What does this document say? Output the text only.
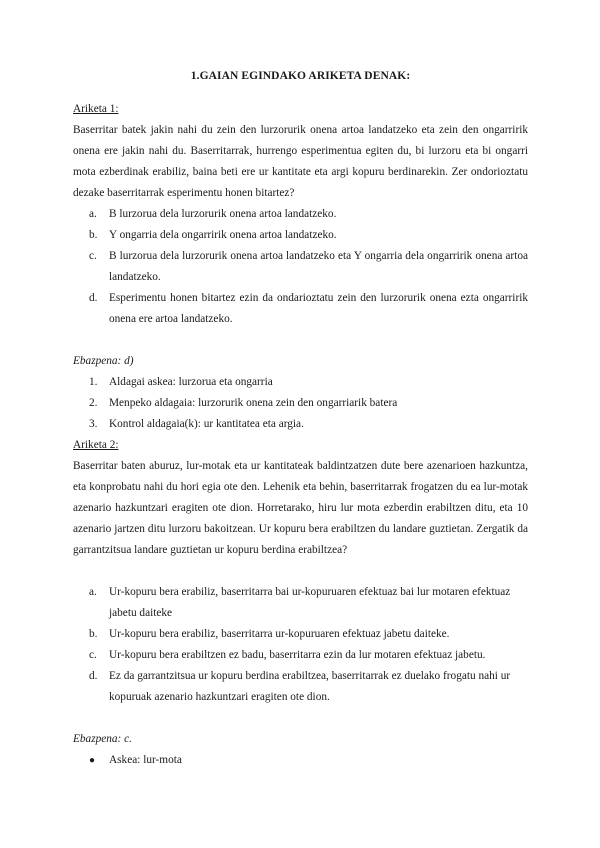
1.GAIAN EGINDAKO ARIKETA DENAK:

Ariketa 1:

Baserritar batek jakin nahi du zein den lurzorurik onena artoa landatzeko eta zein den ongarririk onena ere jakin nahi du. Baserritarrak, hurrengo esperimentua egiten du, bi lurzoru eta bi ongarri mota ezberdinak erabiliz, baina beti ere ur kantitate eta argi kopuru berdinarekin. Zer ondorioztatu dezake baserritarrak esperimentu honen bitartez?

a. B lurzorua dela lurzorurik onena artoa landatzeko.
b. Y ongarria dela ongarririk onena artoa landatzeko.
c. B lurzorua dela lurzorurik onena artoa landatzeko eta Y ongarria dela ongarririk onena artoa landatzeko.
d. Esperimentu honen bitartez ezin da ondarioztatu zein den lurzorurik onena ezta ongarririk onena ere artoa landatzeko.

Ebazpena: d)

1. Aldagai askea: lurzorua eta ongarria
2. Menpeko aldagaia: lurzorurik onena zein den ongarriarik batera
3. Kontrol aldagaia(k): ur kantitatea eta argia.

Ariketa 2:

Baserritar baten aburuz, lur-motak eta ur kantitateak baldintzatzen dute bere azenarioen hazkuntza, eta konprobatu nahi du hori egia ote den. Lehenik eta behin, baserritarrak frogatzen du ea lur-motak azenario hazkuntzari eragiten ote dion. Horretarako, hiru lur mota ezberdin erabiltzen ditu, eta 10 azenario jartzen ditu lurzoru bakoitzean. Ur kopuru bera erabiltzen du landare guztietan. Zergatik da garrantzitsua landare guztietan ur kopuru berdina erabiltzea?

a. Ur-kopuru bera erabiliz, baserritarra bai ur-kopuruaren efektuaz bai lur motaren efektuaz jabetu daiteke
b. Ur-kopuru bera erabiliz, baserritarra ur-kopuruaren efektuaz jabetu daiteke.
c. Ur-kopuru bera erabiltzen ez badu, baserritarra ezin da lur motaren efektuaz jabetu.
d. Ez da garrantzitsua ur kopuru berdina erabiltzea, baserritarrak ez duelako frogatu nahi ur kopuruak azenario hazkuntzari eragiten ote dion.

Ebazpena: c.

● Askea: lur-mota
